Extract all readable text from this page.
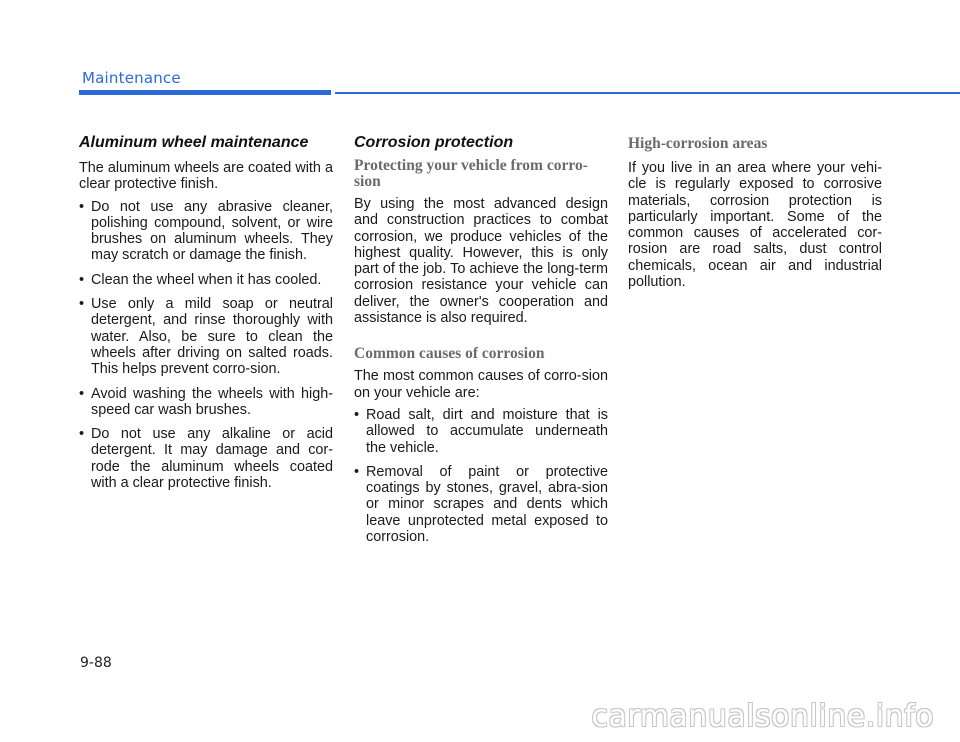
Maintenance
Aluminum wheel maintenance

The aluminum wheels are coated with a clear protective finish.

• Do not use any abrasive cleaner, polishing compound, solvent, or wire brushes on aluminum wheels. They may scratch or damage the finish.
• Clean the wheel when it has cooled.
• Use only a mild soap or neutral detergent, and rinse thoroughly with water. Also, be sure to clean the wheels after driving on salted roads. This helps prevent corro-sion.
• Avoid washing the wheels with high-speed car wash brushes.
• Do not use any alkaline or acid detergent. It may damage and cor-rode the aluminum wheels coated with a clear protective finish.
Corrosion protection
Protecting your vehicle from corro-sion

By using the most advanced design and construction practices to combat corrosion, we produce vehicles of the highest quality. However, this is only part of the job. To achieve the long-term corrosion resistance your vehicle can deliver, the owner's cooperation and assistance is also required.

Common causes of corrosion

The most common causes of corro-sion on your vehicle are:

• Road salt, dirt and moisture that is allowed to accumulate underneath the vehicle.
• Removal of paint or protective coatings by stones, gravel, abra-sion or minor scrapes and dents which leave unprotected metal exposed to corrosion.
High-corrosion areas

If you live in an area where your vehi-cle is regularly exposed to corrosive materials, corrosion protection is particularly important. Some of the common causes of accelerated cor-rosion are road salts, dust control chemicals, ocean air and industrial pollution.

9-88
carmanualsonline.info
